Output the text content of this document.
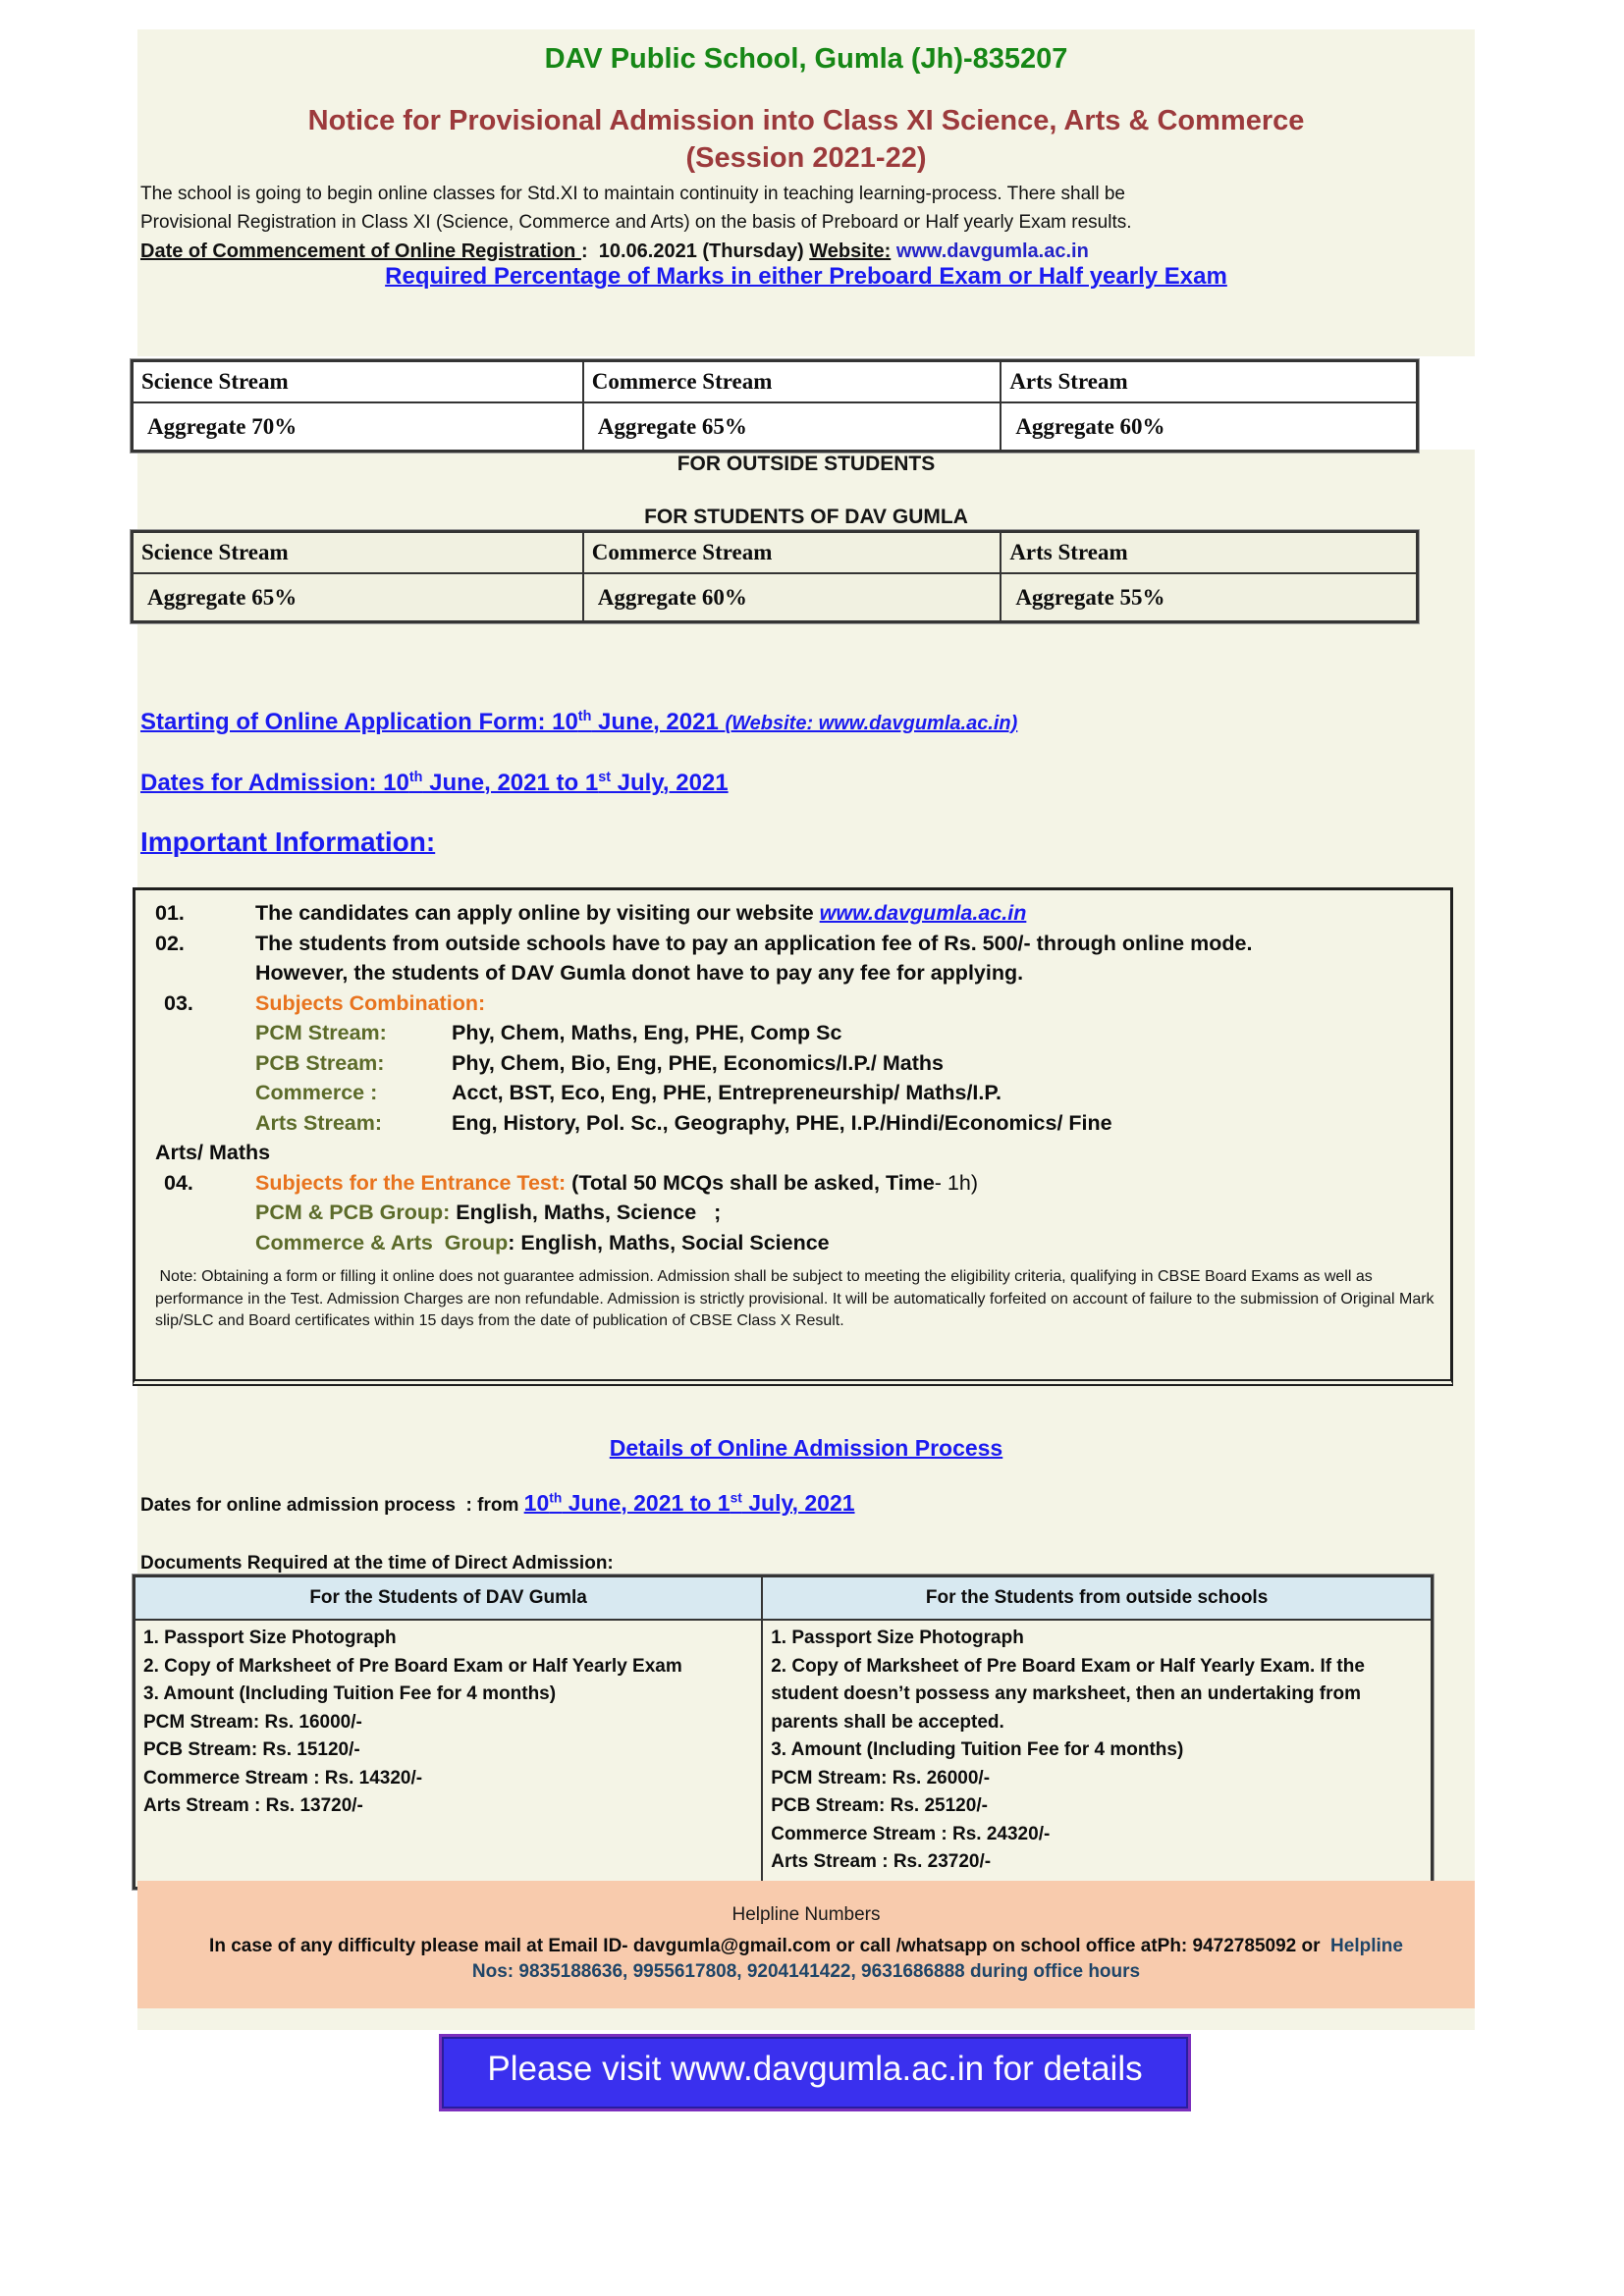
DAV Public School, Gumla (Jh)-835207
Notice for Provisional Admission into Class XI Science, Arts & Commerce
(Session 2021-22)
The school is going to begin online classes for Std.XI to maintain continuity in teaching learning-process. There shall be
Provisional Registration in Class XI (Science, Commerce and Arts) on the basis of Preboard or Half yearly Exam results.
Date of Commencement of Online Registration :  10.06.2021 (Thursday) Website: www.davgumla.ac.in
Required Percentage of Marks in either Preboard Exam or Half yearly Exam
Science Stream	Commerce Stream	Arts Stream
Aggregate 70%	Aggregate 65%	Aggregate 60%
FOR OUTSIDE STUDENTS
FOR STUDENTS OF DAV GUMLA
Science Stream	Commerce Stream	Arts Stream
Aggregate 65%	Aggregate 60%	Aggregate 55%
Starting of Online Application Form: 10th June, 2021 (Website: www.davgumla.ac.in)
Dates for Admission: 10th June, 2021 to 1st July, 2021
Important Information:
01.	The candidates can apply online by visiting our website www.davgumla.ac.in
02.	The students from outside schools have to pay an application fee of Rs. 500/- through online mode. However, the students of DAV Gumla donot have to pay any fee for applying.
03.	Subjects Combination:
PCM Stream:	Phy, Chem, Maths, Eng, PHE, Comp Sc
PCB Stream:	Phy, Chem, Bio, Eng, PHE, Economics/I.P./ Maths
Commerce :	Acct, BST, Eco, Eng, PHE, Entrepreneurship/ Maths/I.P.
Arts Stream:	Eng, History, Pol. Sc., Geography, PHE, I.P./Hindi/Economics/ Fine
Arts/ Maths
04.	Subjects for the Entrance Test: (Total 50 MCQs shall be asked, Time- 1h)
PCM & PCB Group: English, Maths, Science   ;
Commerce & Arts  Group: English, Maths, Social Science
Note: Obtaining a form or filling it online does not guarantee admission. Admission shall be subject to meeting the eligibility criteria, qualifying in CBSE Board Exams as well as performance in the Test. Admission Charges are non refundable. Admission is strictly provisional. It will be automatically forfeited on account of failure to the submission of Original Mark slip/SLC and Board certificates within 15 days from the date of publication of CBSE Class X Result.
Details of Online Admission Process
Dates for online admission process  : from 10th June, 2021 to 1st July, 2021
Documents Required at the time of Direct Admission:
For the Students of DAV Gumla	For the Students from outside schools

1. Passport Size Photograph
2. Copy of Marksheet of Pre Board Exam or Half Yearly Exam
3. Amount (Including Tuition Fee for 4 months)
PCM Stream: Rs. 16000/-
PCB Stream: Rs. 15120/-
Commerce Stream : Rs. 14320/-
Arts Stream : Rs. 13720/-

1. Passport Size Photograph
2. Copy of Marksheet of Pre Board Exam or Half Yearly Exam. If the student doesn’t possess any marksheet, then an undertaking from parents shall be accepted.
3. Amount (Including Tuition Fee for 4 months)
PCM Stream: Rs. 26000/-
PCB Stream: Rs. 25120/-
Commerce Stream : Rs. 24320/-
Arts Stream : Rs. 23720/-
Helpline Numbers
In case of any difficulty please mail at Email ID- davgumla@gmail.com or call /whatsapp on school office atPh: 9472785092 or  Helpline Nos: 9835188636, 9955617808, 9204141422, 9631686888 during office hours
Please visit www.davgumla.ac.in for details
